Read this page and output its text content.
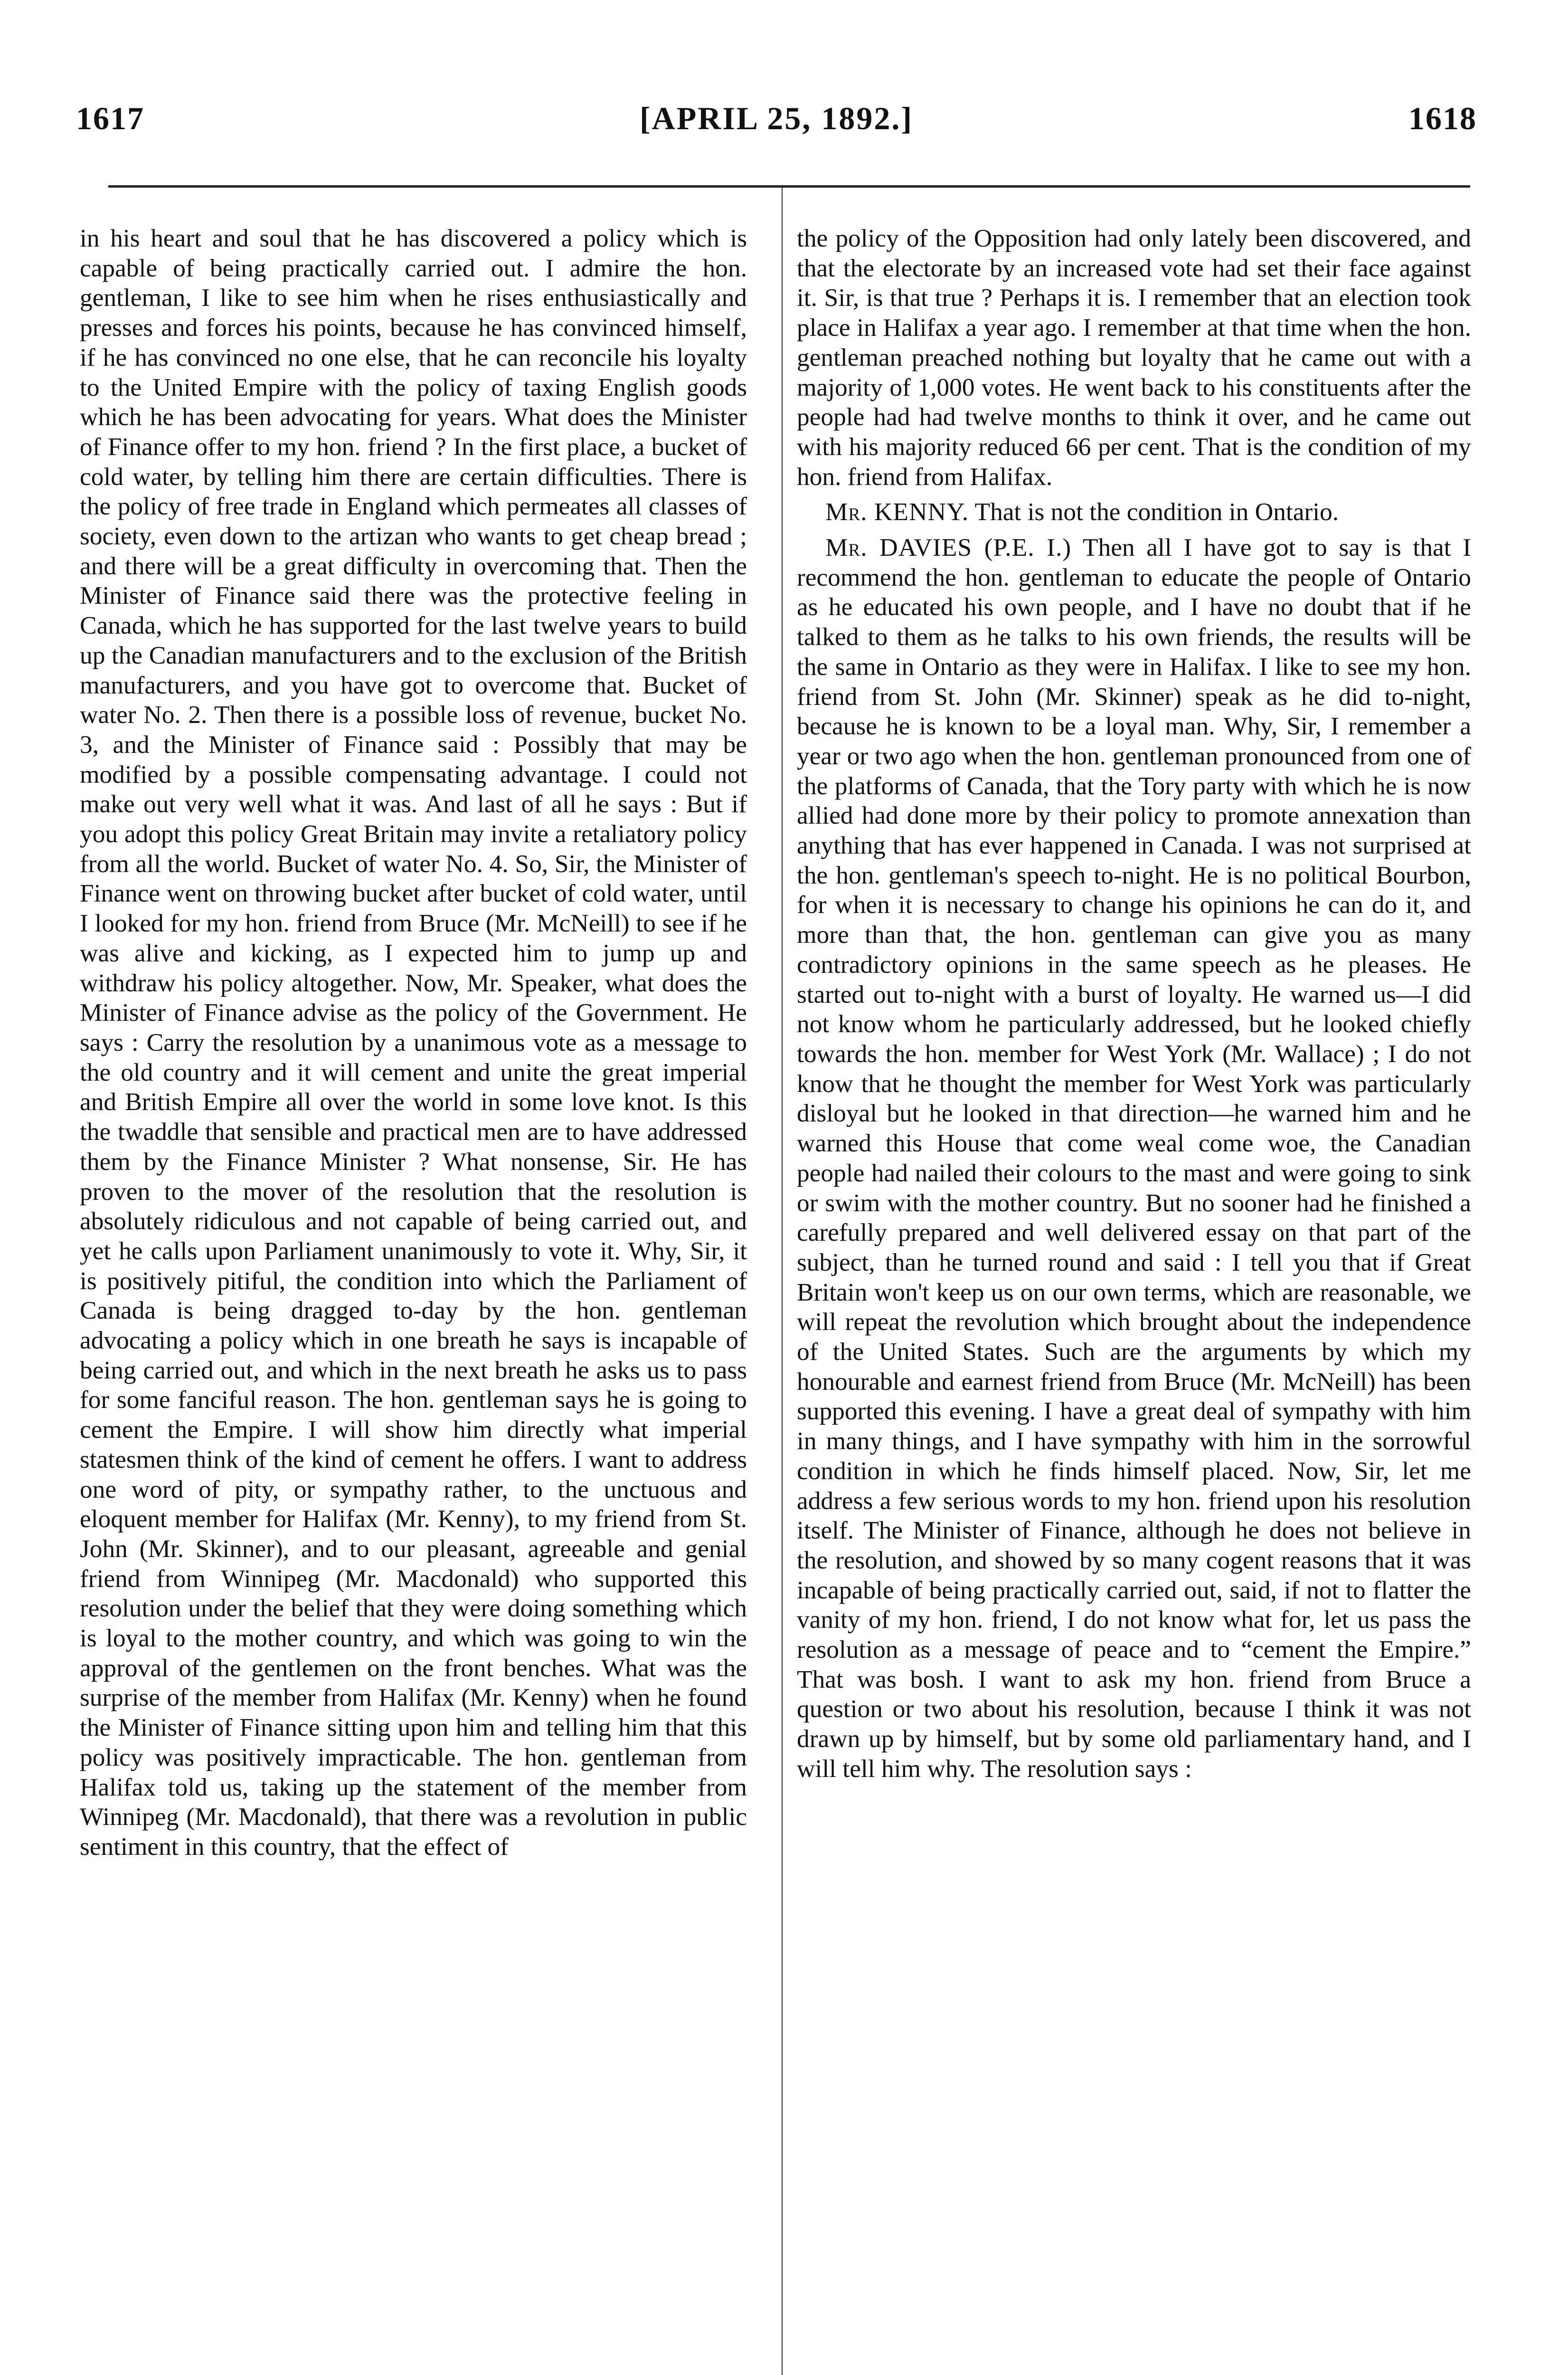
1617	[APRIL 25, 1892.]	1618

in his heart and soul that he has discovered a policy which is capable of being practically carried out. I admire the hon. gentleman, I like to see him when he rises enthusiastically and presses and forces his points, because he has convinced himself, if he has convinced no one else, that he can reconcile his loyalty to the United Empire with the policy of taxing English goods which he has been advocating for years. What does the Minister of Finance offer to my hon. friend ? In the first place, a bucket of cold water, by telling him there are certain difficulties. There is the policy of free trade in England which permeates all classes of society, even down to the artizan who wants to get cheap bread ; and there will be a great difficulty in overcoming that. Then the Minister of Finance said there was the protective feeling in Canada, which he has supported for the last twelve years to build up the Canadian manufacturers and to the exclusion of the British manufacturers, and you have got to overcome that. Bucket of water No. 2. Then there is a possible loss of revenue, bucket No. 3, and the Minister of Finance said : Possibly that may be modified by a possible compensating advantage. I could not make out very well what it was. And last of all he says : But if you adopt this policy Great Britain may invite a retaliatory policy from all the world. Bucket of water No. 4. So, Sir, the Minister of Finance went on throwing bucket after bucket of cold water, until I looked for my hon. friend from Bruce (Mr. McNeill) to see if he was alive and kicking, as I expected him to jump up and withdraw his policy altogether. Now, Mr. Speaker, what does the Minister of Finance advise as the policy of the Government. He says : Carry the resolution by a unanimous vote as a message to the old country and it will cement and unite the great imperial and British Empire all over the world in some love knot. Is this the twaddle that sensible and practical men are to have addressed them by the Finance Minister ? What nonsense, Sir. He has proven to the mover of the resolution that the resolution is absolutely ridiculous and not capable of being carried out, and yet he calls upon Parliament unanimously to vote it. Why, Sir, it is positively pitiful, the condition into which the Parliament of Canada is being dragged to-day by the hon. gentleman advocating a policy which in one breath he says is incapable of being carried out, and which in the next breath he asks us to pass for some fanciful reason. The hon. gentleman says he is going to cement the Empire. I will show him directly what imperial statesmen think of the kind of cement he offers. I want to address one word of pity, or sympathy rather, to the unctuous and eloquent member for Halifax (Mr. Kenny), to my friend from St. John (Mr. Skinner), and to our pleasant, agreeable and genial friend from Winnipeg (Mr. Macdonald) who supported this resolution under the belief that they were doing something which is loyal to the mother country, and which was going to win the approval of the gentlemen on the front benches. What was the surprise of the member from Halifax (Mr. Kenny) when he found the Minister of Finance sitting upon him and telling him that this policy was positively impracticable. The hon. gentleman from Halifax told us, taking up the statement of the member from Winnipeg (Mr. Macdonald), that there was a revolution in public sentiment in this country, that the effect of

the policy of the Opposition had only lately been discovered, and that the electorate by an increased vote had set their face against it. Sir, is that true ? Perhaps it is. I remember that an election took place in Halifax a year ago. I remember at that time when the hon. gentleman preached nothing but loyalty that he came out with a majority of 1,000 votes. He went back to his constituents after the people had had twelve months to think it over, and he came out with his majority reduced 66 per cent. That is the condition of my hon. friend from Halifax.

Mr. KENNY. That is not the condition in Ontario.

Mr. DAVIES (P.E. I.) Then all I have got to say is that I recommend the hon. gentleman to educate the people of Ontario as he educated his own people, and I have no doubt that if he talked to them as he talks to his own friends, the results will be the same in Ontario as they were in Halifax. I like to see my hon. friend from St. John (Mr. Skinner) speak as he did to-night, because he is known to be a loyal man. Why, Sir, I remember a year or two ago when the hon. gentleman pronounced from one of the platforms of Canada, that the Tory party with which he is now allied had done more by their policy to promote annexation than anything that has ever happened in Canada. I was not surprised at the hon. gentleman's speech to-night. He is no political Bourbon, for when it is necessary to change his opinions he can do it, and more than that, the hon. gentleman can give you as many contradictory opinions in the same speech as he pleases. He started out to-night with a burst of loyalty. He warned us—I did not know whom he particularly addressed, but he looked chiefly towards the hon. member for West York (Mr. Wallace) ; I do not know that he thought the member for West York was particularly disloyal but he looked in that direction—he warned him and he warned this House that come weal come woe, the Canadian people had nailed their colours to the mast and were going to sink or swim with the mother country. But no sooner had he finished a carefully prepared and well delivered essay on that part of the subject, than he turned round and said : I tell you that if Great Britain won't keep us on our own terms, which are reasonable, we will repeat the revolution which brought about the independence of the United States. Such are the arguments by which my honourable and earnest friend from Bruce (Mr. McNeill) has been supported this evening. I have a great deal of sympathy with him in many things, and I have sympathy with him in the sorrowful condition in which he finds himself placed. Now, Sir, let me address a few serious words to my hon. friend upon his resolution itself. The Minister of Finance, although he does not believe in the resolution, and showed by so many cogent reasons that it was incapable of being practically carried out, said, if not to flatter the vanity of my hon. friend, I do not know what for, let us pass the resolution as a message of peace and to “cement the Empire.” That was bosh. I want to ask my hon. friend from Bruce a question or two about his resolution, because I think it was not drawn up by himself, but by some old parliamentary hand, and I will tell him why. The resolution says :
